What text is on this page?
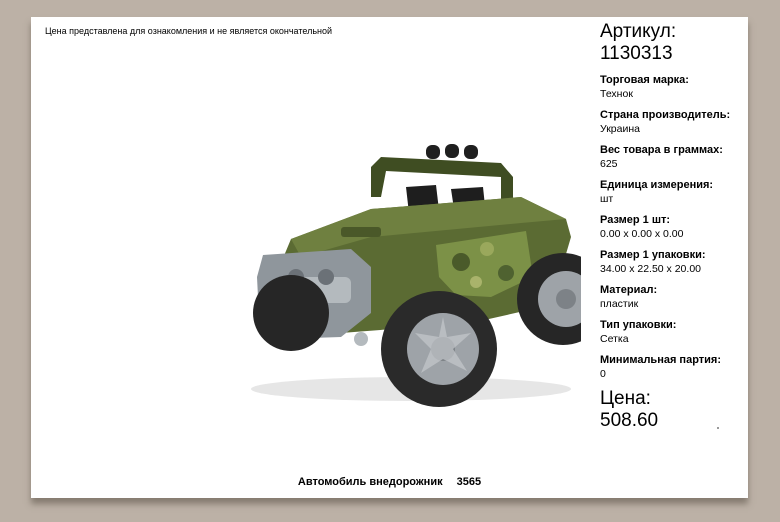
Цена представлена для ознакомления и не является окончательной	Артикул:
1130313
Торговая марка:
Технок
Страна производитель:
Украина
Вес товара в граммах:
625
Единица измерения:
шт
Размер 1 шт:
0.00 x 0.00 x 0.00
Размер 1 упаковки:
34.00 x 22.50 x 20.00
Материал:
пластик
Тип упаковки:
Сетка
Минимальная партия:
0
Цена:
508.60
Автомобиль внедорожник 3565
